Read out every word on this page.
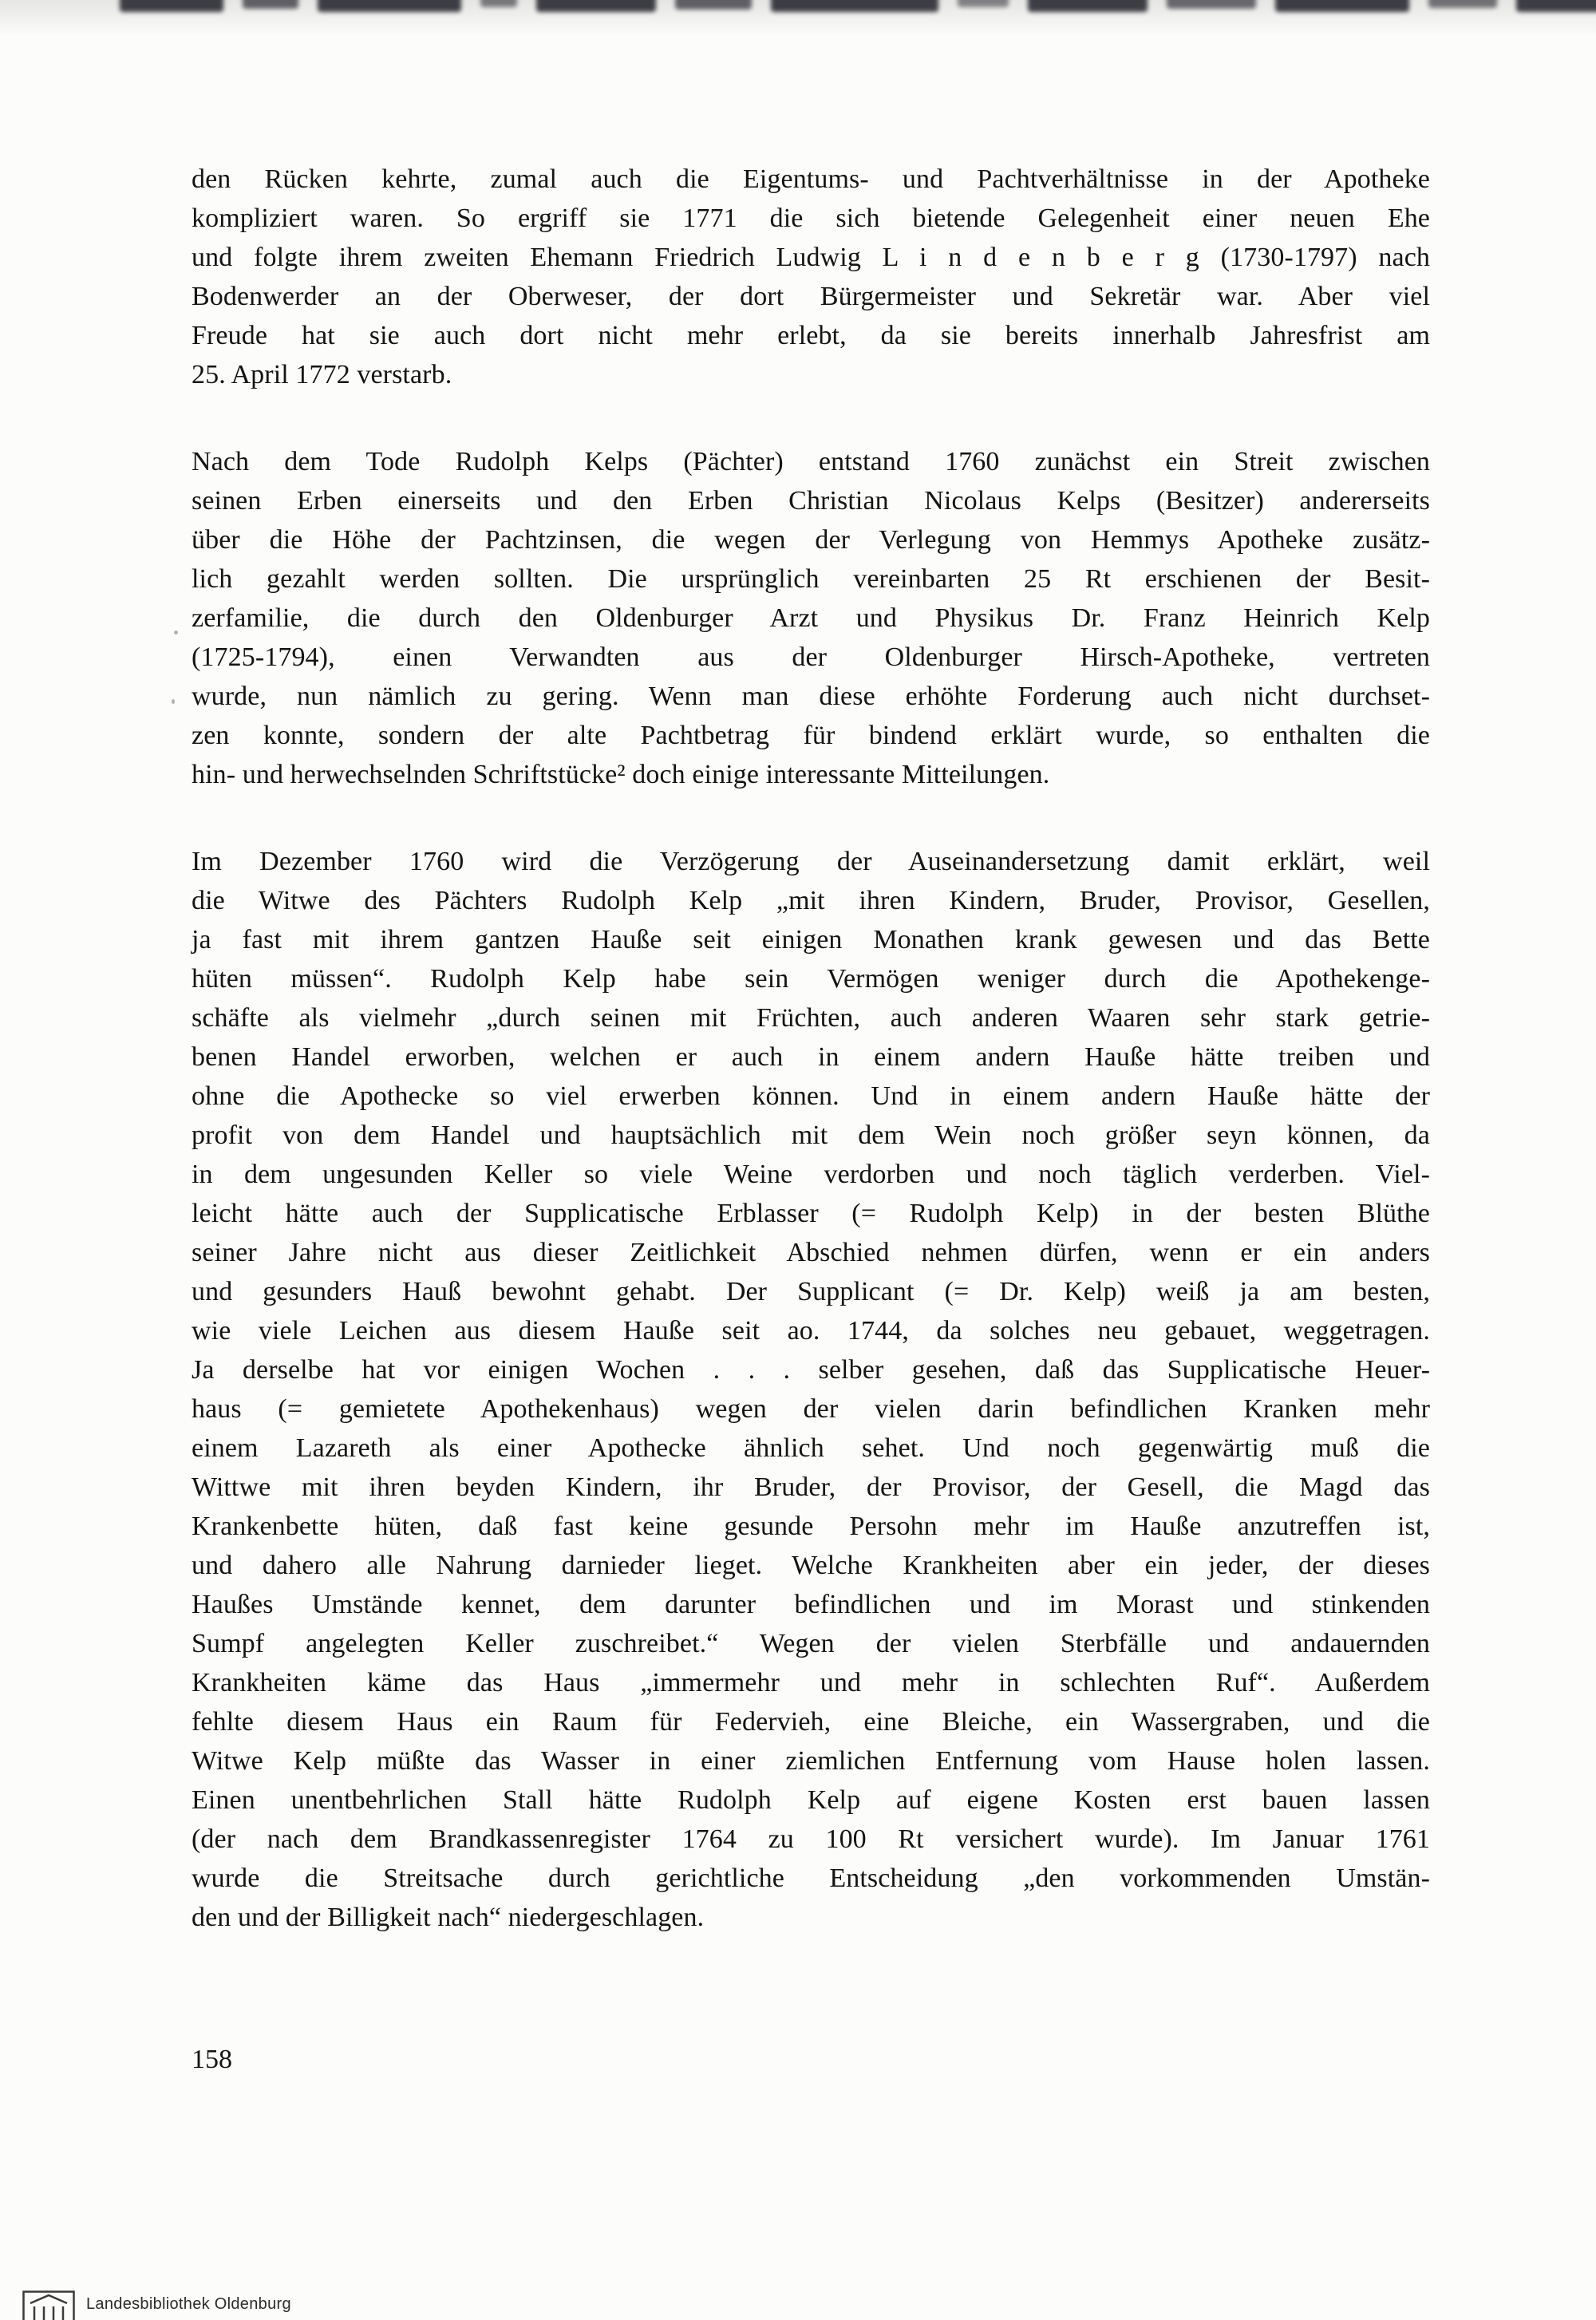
den Rücken kehrte, zumal auch die Eigentums- und Pachtverhältnisse in der Apotheke
kompliziert waren. So ergriff sie 1771 die sich bietende Gelegenheit einer neuen Ehe
und folgte ihrem zweiten Ehemann Friedrich Ludwig L i n d e n b e r g (1730-1797) nach
Bodenwerder an der Oberweser, der dort Bürgermeister und Sekretär war. Aber viel
Freude hat sie auch dort nicht mehr erlebt, da sie bereits innerhalb Jahresfrist am
25. April 1772 verstarb.

Nach dem Tode Rudolph Kelps (Pächter) entstand 1760 zunächst ein Streit zwischen
seinen Erben einerseits und den Erben Christian Nicolaus Kelps (Besitzer) andererseits
über die Höhe der Pachtzinsen, die wegen der Verlegung von Hemmys Apotheke zusätz-
lich gezahlt werden sollten. Die ursprünglich vereinbarten 25 Rt erschienen der Besit-
zerfamilie, die durch den Oldenburger Arzt und Physikus Dr. Franz Heinrich Kelp
(1725-1794), einen Verwandten aus der Oldenburger Hirsch-Apotheke, vertreten
wurde, nun nämlich zu gering. Wenn man diese erhöhte Forderung auch nicht durchset-
zen konnte, sondern der alte Pachtbetrag für bindend erklärt wurde, so enthalten die
hin- und herwechselnden Schriftstücke² doch einige interessante Mitteilungen.

Im Dezember 1760 wird die Verzögerung der Auseinandersetzung damit erklärt, weil
die Witwe des Pächters Rudolph Kelp „mit ihren Kindern, Bruder, Provisor, Gesellen,
ja fast mit ihrem gantzen Hauße seit einigen Monathen krank gewesen und das Bette
hüten müssen“. Rudolph Kelp habe sein Vermögen weniger durch die Apothekenge-
schäfte als vielmehr „durch seinen mit Früchten, auch anderen Waaren sehr stark getrie-
benen Handel erworben, welchen er auch in einem andern Hauße hätte treiben und
ohne die Apothecke so viel erwerben können. Und in einem andern Hauße hätte der
profit von dem Handel und hauptsächlich mit dem Wein noch größer seyn können, da
in dem ungesunden Keller so viele Weine verdorben und noch täglich verderben. Viel-
leicht hätte auch der Supplicatische Erblasser (= Rudolph Kelp) in der besten Blüthe
seiner Jahre nicht aus dieser Zeitlichkeit Abschied nehmen dürfen, wenn er ein anders
und gesunders Hauß bewohnt gehabt. Der Supplicant (= Dr. Kelp) weiß ja am besten,
wie viele Leichen aus diesem Hauße seit ao. 1744, da solches neu gebauet, weggetragen.
Ja derselbe hat vor einigen Wochen . . . selber gesehen, daß das Supplicatische Heuer-
haus (= gemietete Apothekenhaus) wegen der vielen darin befindlichen Kranken mehr
einem Lazareth als einer Apothecke ähnlich sehet. Und noch gegenwärtig muß die
Wittwe mit ihren beyden Kindern, ihr Bruder, der Provisor, der Gesell, die Magd das
Krankenbette hüten, daß fast keine gesunde Persohn mehr im Hauße anzutreffen ist,
und dahero alle Nahrung darnieder lieget. Welche Krankheiten aber ein jeder, der dieses
Haußes Umstände kennet, dem darunter befindlichen und im Morast und stinkenden
Sumpf angelegten Keller zuschreibet.“ Wegen der vielen Sterbfälle und andauernden
Krankheiten käme das Haus „immermehr und mehr in schlechten Ruf“. Außerdem
fehlte diesem Haus ein Raum für Federvieh, eine Bleiche, ein Wassergraben, und die
Witwe Kelp müßte das Wasser in einer ziemlichen Entfernung vom Hause holen lassen.
Einen unentbehrlichen Stall hätte Rudolph Kelp auf eigene Kosten erst bauen lassen
(der nach dem Brandkassenregister 1764 zu 100 Rt versichert wurde). Im Januar 1761
wurde die Streitsache durch gerichtliche Entscheidung „den vorkommenden Umstän-
den und der Billigkeit nach“ niedergeschlagen.

158
Landesbibliothek Oldenburg
